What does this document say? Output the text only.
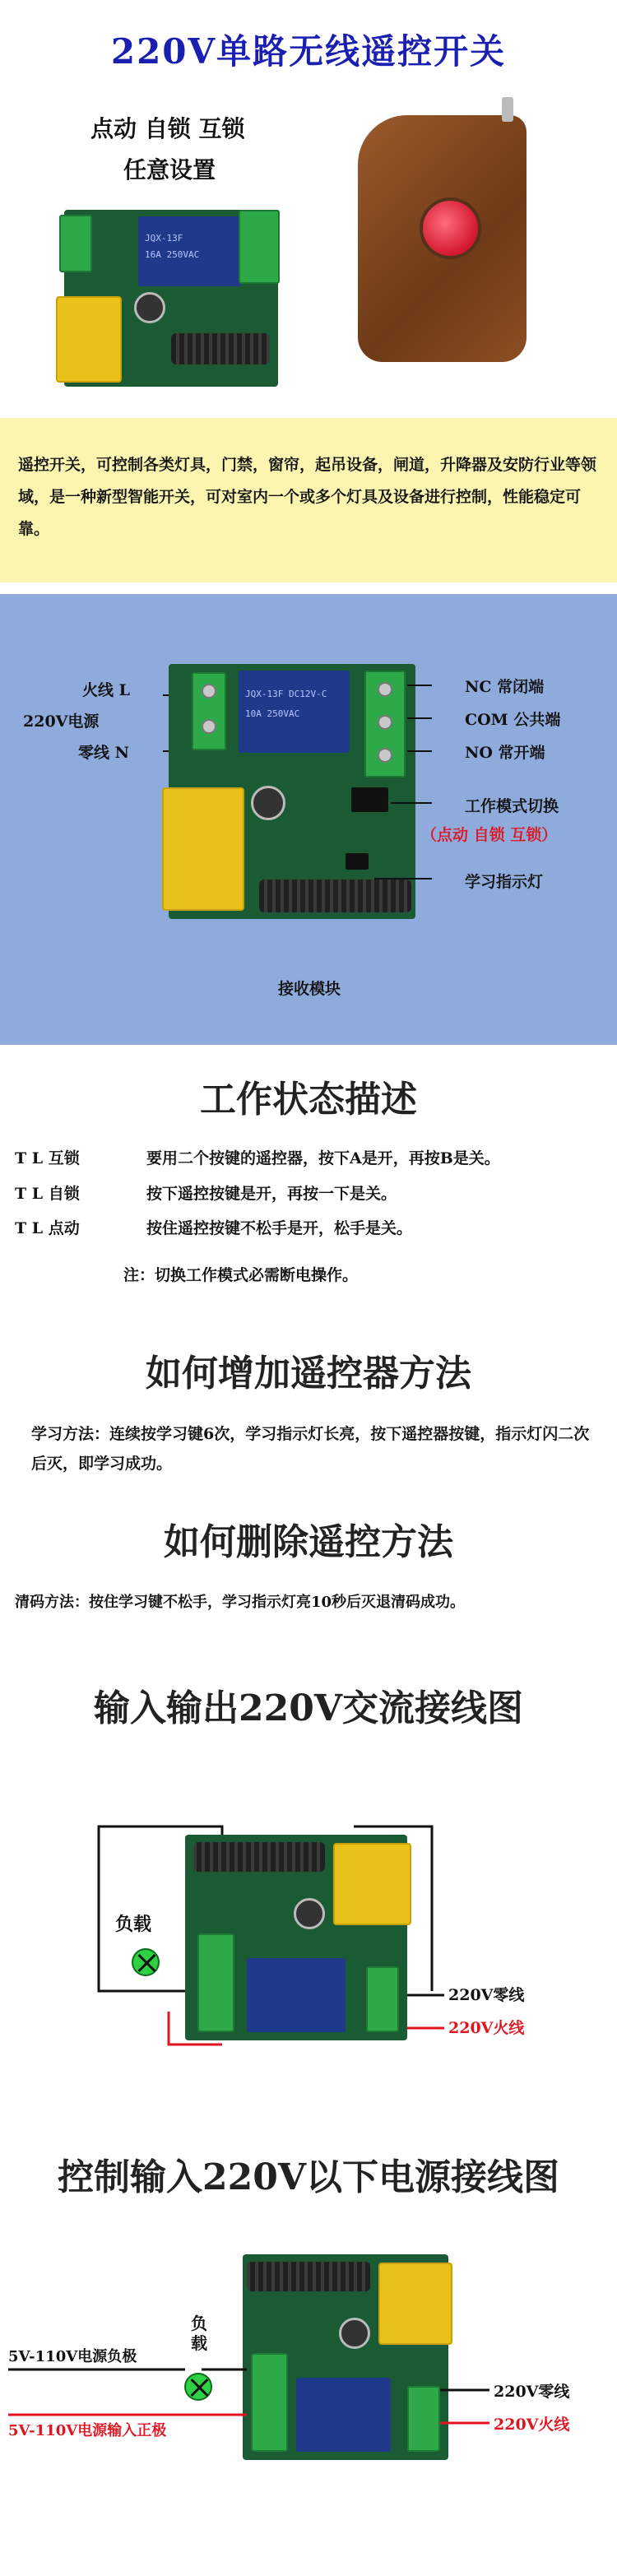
220V单路无线遥控开关
点动 自锁 互锁
任意设置
JQX-13F
16A 250VAC

遥控开关，可控制各类灯具，门禁，窗帘，起吊设备，闸道，升降器及安防行业等领域，是一种新型智能开关，可对室内一个或多个灯具及设备进行控制，性能稳定可靠。

火线 L
220V电源
零线 N
JQX-13F DC12V-C
10A 250VAC
NC 常闭端
COM 公共端
NO 常开端
工作模式切换
（点动 自锁 互锁）
学习指示灯
接收模块
工作状态描述
T L 互锁	要用二个按键的遥控器，按下A是开，再按B是关。
T L 自锁	按下遥控按键是开，再按一下是关。
T L 点动	按住遥控按键不松手是开，松手是关。
注：切换工作模式必需断电操作。
如何增加遥控器方法
学习方法：连续按学习键6次，学习指示灯长亮，按下遥控器按键，指示灯闪二次后灭，即学习成功。
如何删除遥控方法
清码方法：按住学习键不松手，学习指示灯亮10秒后灭退清码成功。
输入输出220V交流接线图
负载
220V零线
220V火线
控制输入220V以下电源接线图
负载
5V-110V电源负极
5V-110V电源输入正极
220V零线
220V火线
